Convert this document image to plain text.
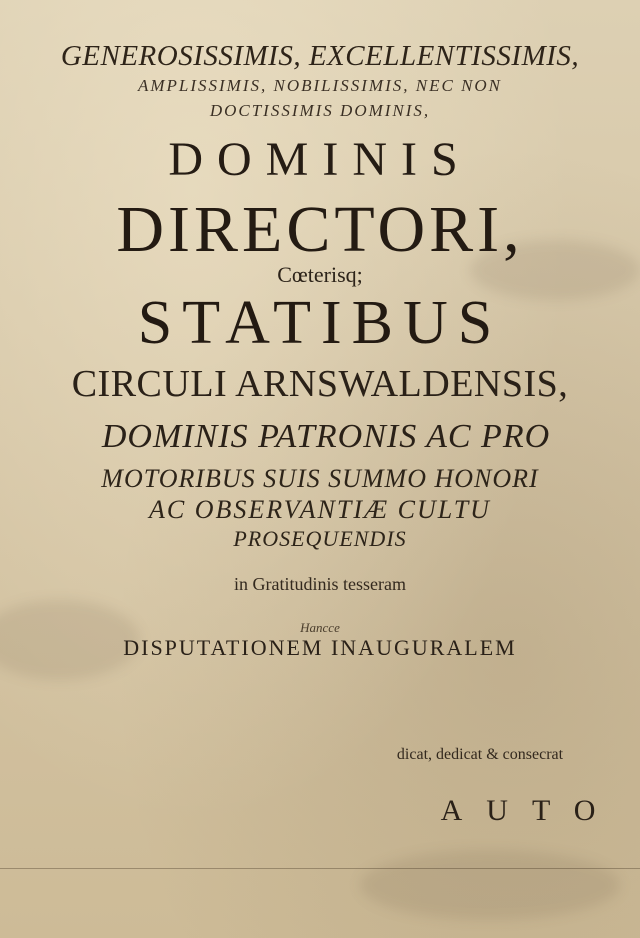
GENEROSISSIMIS, EXCELLENTISSIMIS,
AMPLISSIMIS, NOBILISSIMIS, NEC NON
DOCTISSIMIS DOMINIS,
DOMINIS
DIRECTORI,
Cœterisq;
STATIBUS
CIRCULI ARNSWALDENSIS,
DOMINIS PATRONIS AC PRO
MOTORIBUS SUIS SUMMO HONORI
AC OBSERVANTIÆ CULTU
PROSEQUENDIS
in Gratitudinis tesseram
Hancce
DISPUTATIONEM INAUGURALEM
dicat, dedicat & consecrat
AUTO
